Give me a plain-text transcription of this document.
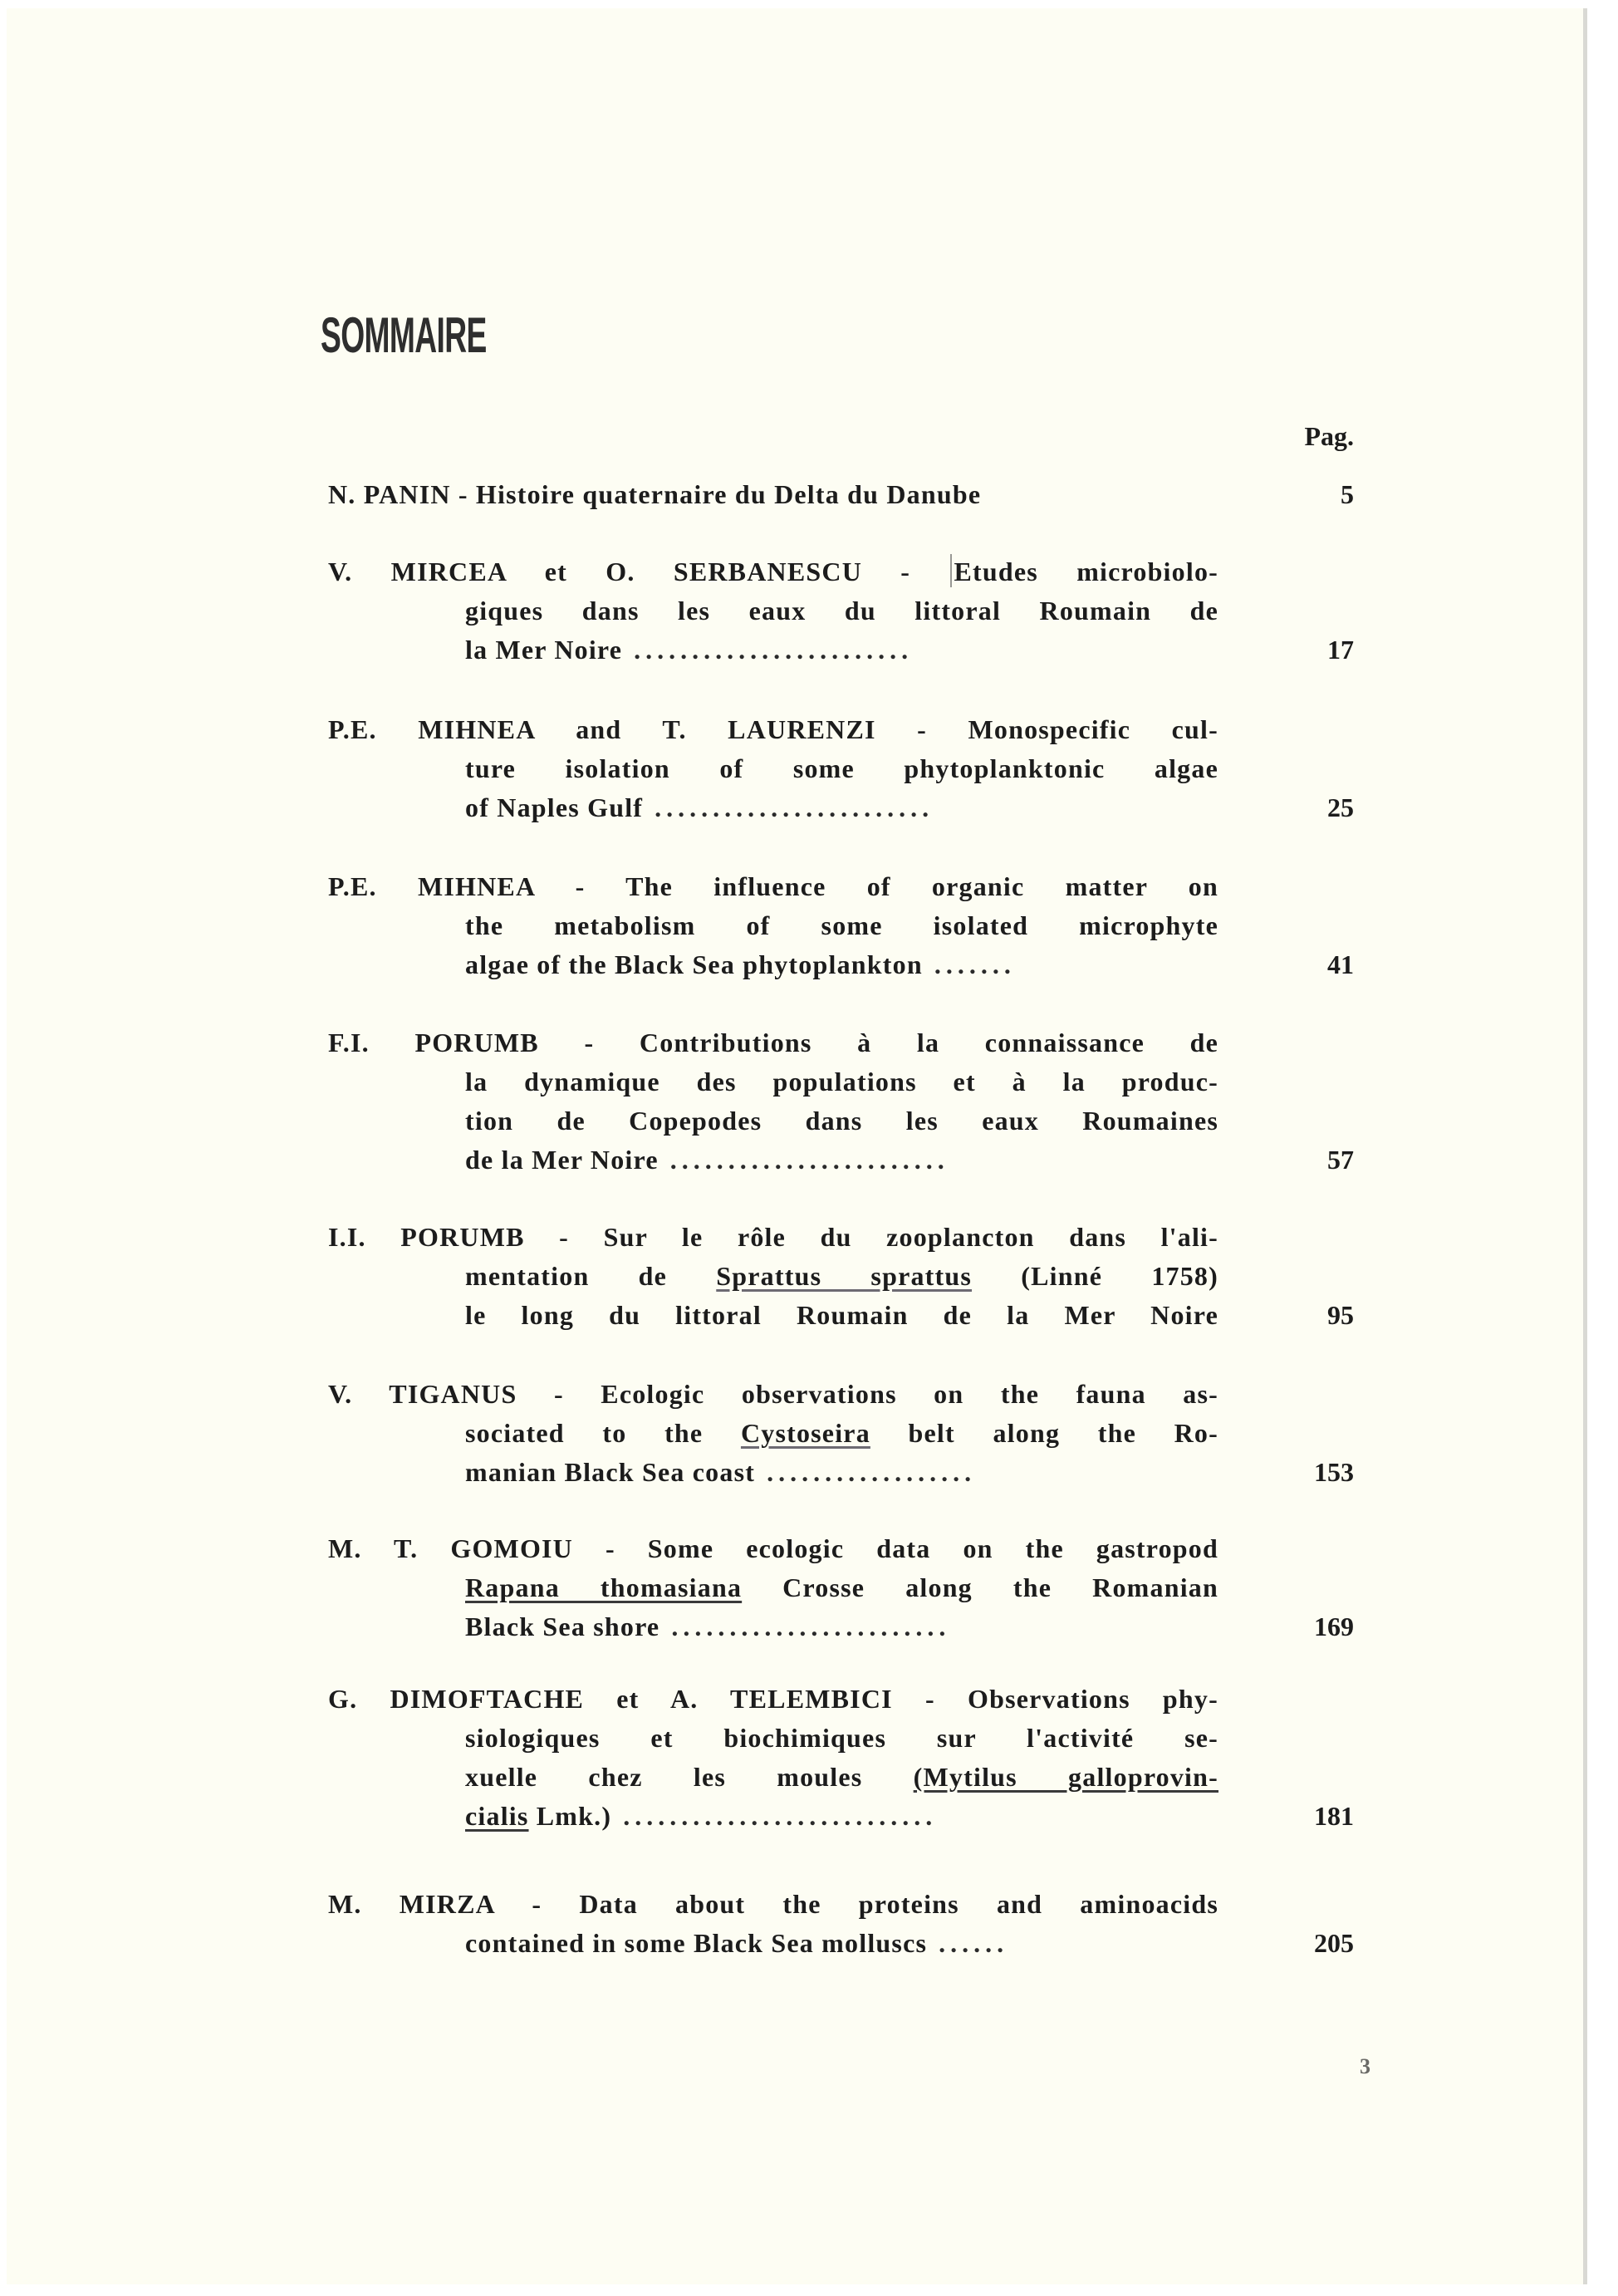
SOMMAIRE
Pag.
N. PANIN - Histoire quaternaire du Delta du Danube	5
V. MIRCEA et O. SERBANESCU - Etudes microbiolo-
giques dans les eaux du littoral Roumain de
la Mer Noire ........................	17
P.E. MIHNEA and T. LAURENZI - Monospecific cul-
ture isolation of some phytoplanktonic algae
of Naples Gulf ........................	25
P.E. MIHNEA - The influence of organic matter on
the metabolism of some isolated microphyte
algae of the Black Sea phytoplankton .......	41
F.I. PORUMB - Contributions à la connaissance de
la dynamique des populations et à la produc-
tion de Copepodes dans les eaux Roumaines
de la Mer Noire ........................	57
I.I. PORUMB - Sur le rôle du zooplancton dans l'ali-
mentation de Sprattus sprattus (Linné 1758)
le long du littoral Roumain de la Mer Noire	95
V. TIGANUS - Ecologic observations on the fauna as-
sociated to the Cystoseira belt along the Ro-
manian Black Sea coast ..................	153
M. T. GOMOIU - Some ecologic data on the gastropod
Rapana thomasiana Crosse along the Romanian
Black Sea shore ........................	169
G. DIMOFTACHE et A. TELEMBICI - Observations phy-
siologiques et biochimiques sur l'activité se-
xuelle chez les moules (Mytilus galloprovin-
cialis Lmk.) ...........................	181
M. MIRZA - Data about the proteins and aminoacids
contained in some Black Sea molluscs ......	205
3
